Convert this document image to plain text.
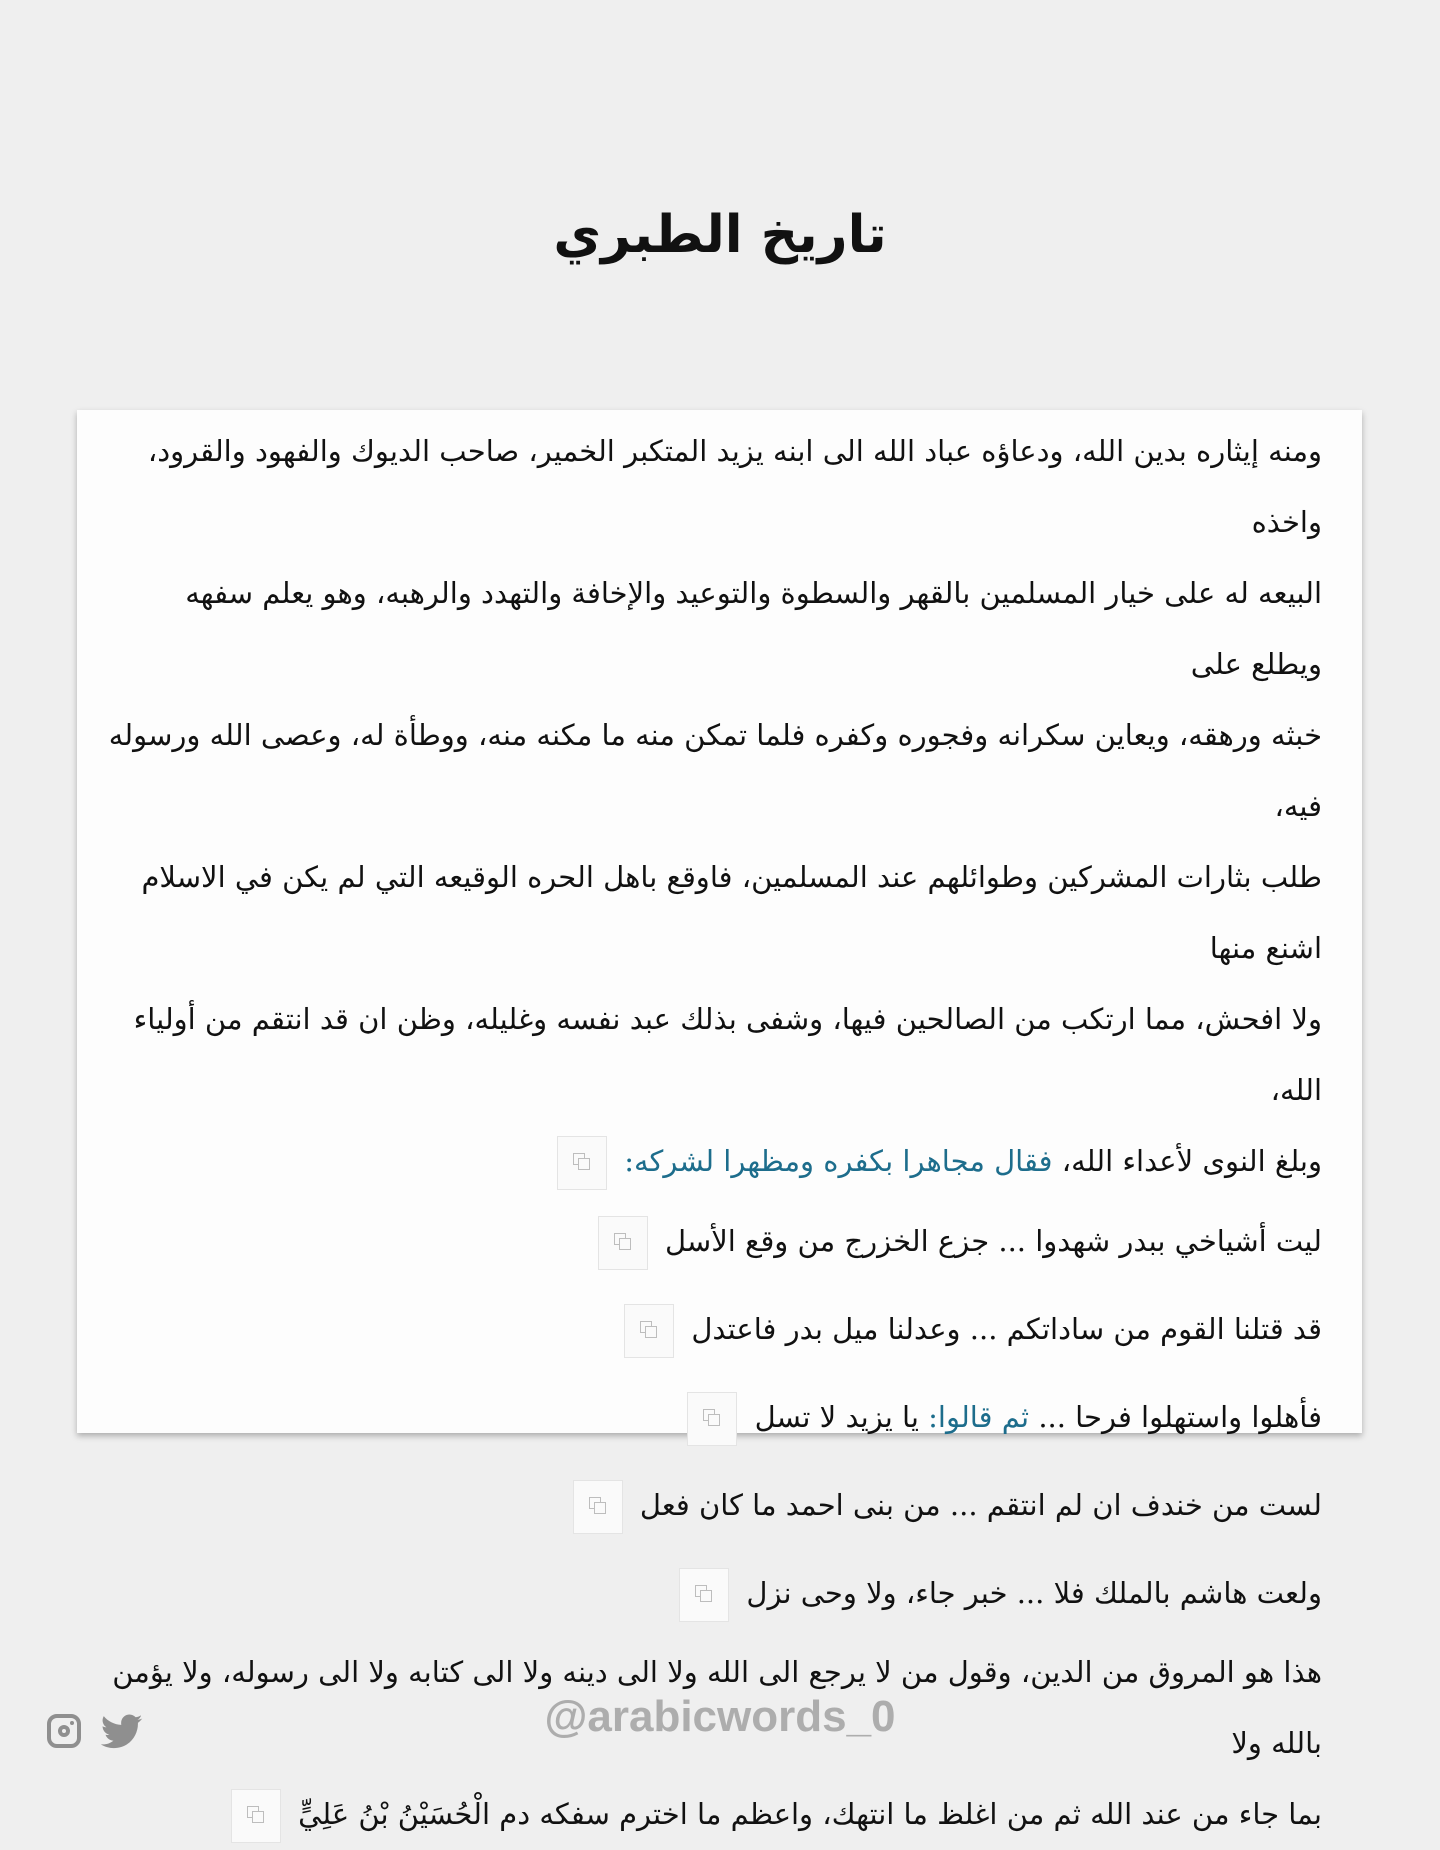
تاريخ الطبري

ومنه إيثاره بدين الله، ودعاؤه عباد الله الى ابنه يزيد المتكبر الخمير، صاحب الديوك والفهود والقرود، واخذه

البيعه له على خيار المسلمين بالقهر والسطوة والتوعيد والإخافة والتهدد والرهبه، وهو يعلم سفهه ويطلع على

خبثه ورهقه، ويعاين سكرانه وفجوره وكفره فلما تمكن منه ما مكنه منه، ووطأة له، وعصى الله ورسوله فيه،

طلب بثارات المشركين وطوائلهم عند المسلمين، فاوقع باهل الحره الوقيعه التي لم يكن في الاسلام اشنع منها

ولا افحش، مما ارتكب من الصالحين فيها، وشفى بذلك عبد نفسه وغليله، وظن ان قد انتقم من أولياء الله،

وبلغ النوى لأعداء الله، فقال مجاهرا بكفره ومظهرا لشركه:

ليت أشياخي ببدر شهدوا ... جزع الخزرج من وقع الأسل

قد قتلنا القوم من ساداتكم ... وعدلنا ميل بدر فاعتدل

فأهلوا واستهلوا فرحا ... ثم قالوا: يا يزيد لا تسل

لست من خندف ان لم انتقم ... من بنى احمد ما كان فعل

ولعت هاشم بالملك فلا ... خبر جاء، ولا وحى نزل

هذا هو المروق من الدين، وقول من لا يرجع الى الله ولا الى دينه ولا الى كتابه ولا الى رسوله، ولا يؤمن بالله ولا

بما جاء من عند الله ثم من اغلظ ما انتهك، واعظم ما اخترم سفكه دم الْحُسَيْنُ بْنُ عَلِيٍّ

@arabicwords_0
